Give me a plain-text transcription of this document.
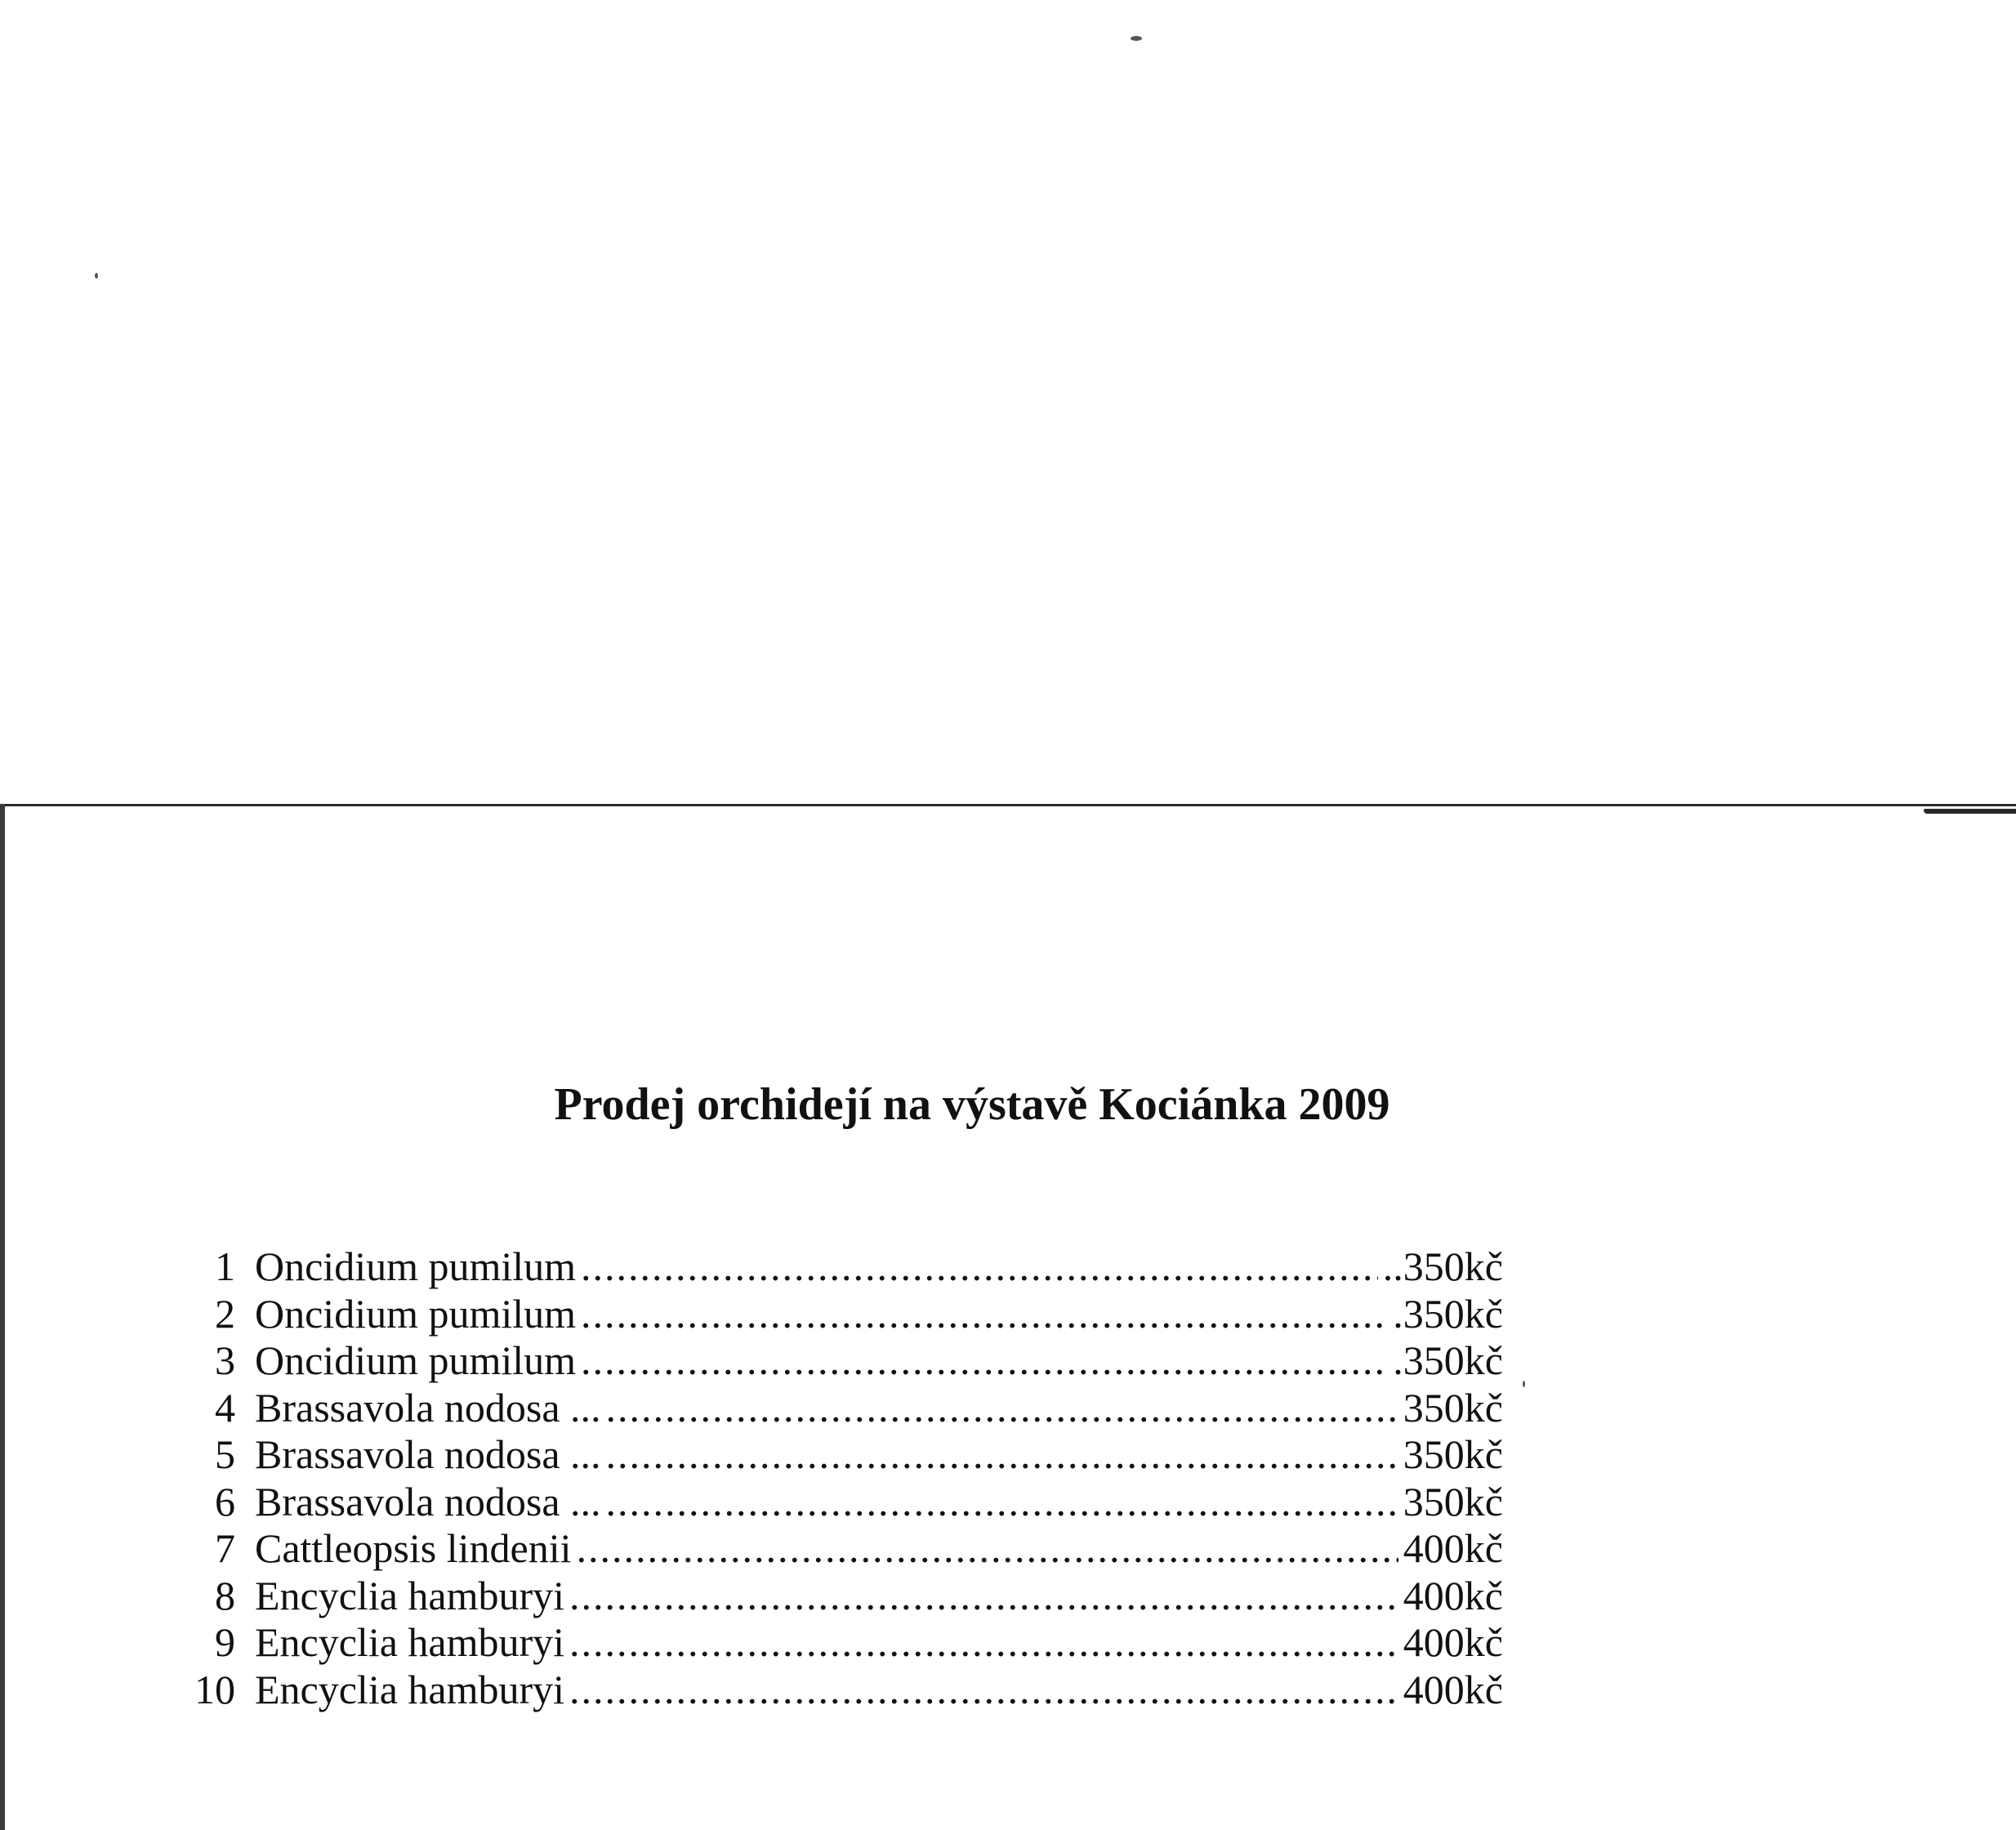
Prodej orchidejí na výstavě Kociánka 2009
1 Oncidium pumilum .....	..350kč
2 Oncidium pumilum .....	.350kč
3 Oncidium pumilum .....	.350kč
4 Brassavola nodosa ... .....	350kč
5 Brassavola nodosa ... .....	350kč
6 Brassavola nodosa ... .....	350kč
7 Cattleopsis lindenii .....	400kč
8 Encyclia hamburyi .....	400kč
9 Encyclia hamburyi .....	400kč
10 Encyclia hamburyi .....	400kč
